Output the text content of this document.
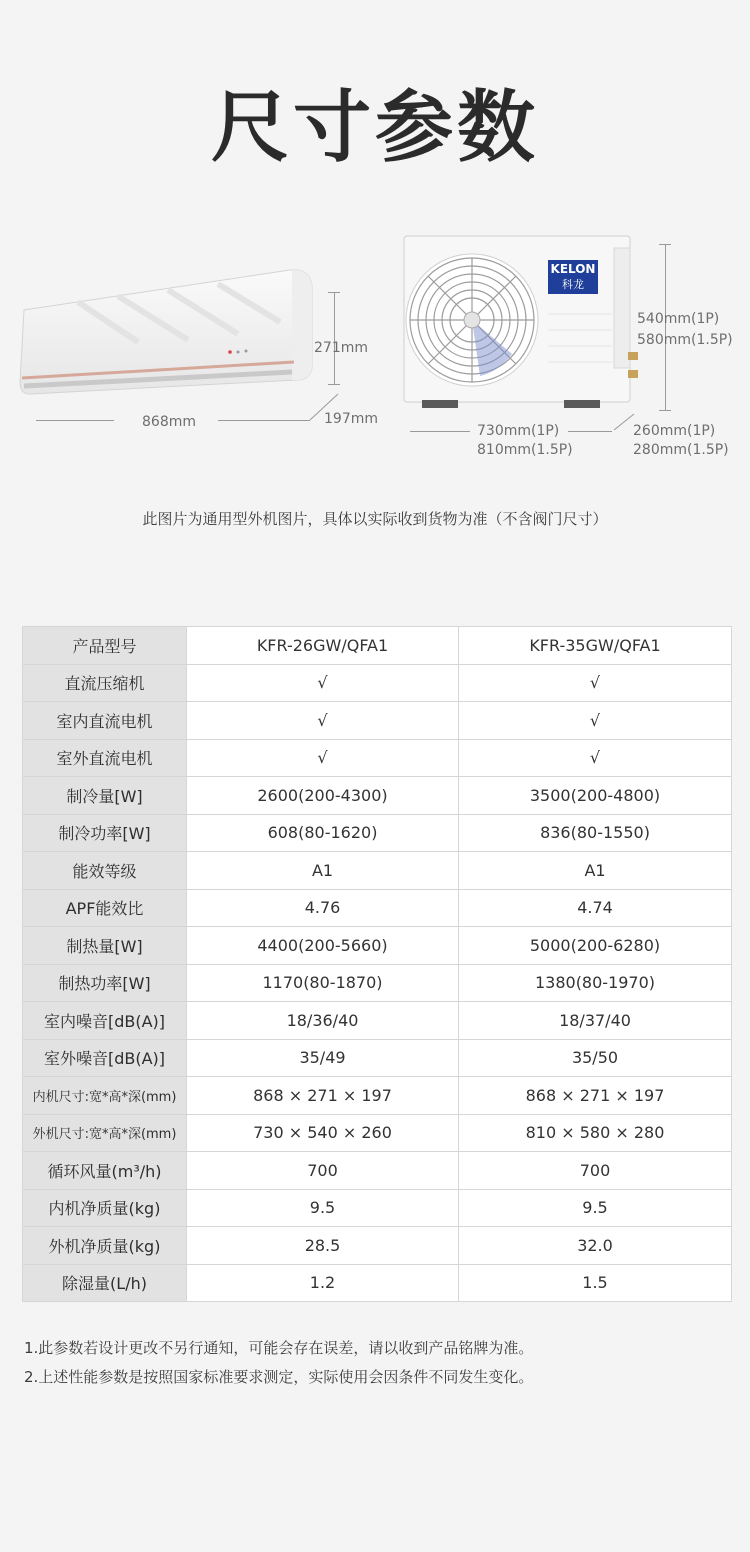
尺寸参数
271mm
868mm	197mm
KELON
科龙
540mm(1P)
580mm(1.5P)
730mm(1P)
810mm(1.5P)
260mm(1P)
280mm(1.5P)
此图片为通用型外机图片，具体以实际收到货物为准（不含阀门尺寸）
产品型号	KFR-26GW/QFA1	KFR-35GW/QFA1
直流压缩机	√	√
室内直流电机	√	√
室外直流电机	√	√
制冷量[W]	2600(200-4300)	3500(200-4800)
制冷功率[W]	608(80-1620)	836(80-1550)
能效等级	A1	A1
APF能效比	4.76	4.74
制热量[W]	4400(200-5660)	5000(200-6280)
制热功率[W]	1170(80-1870)	1380(80-1970)
室内噪音[dB(A)]	18/36/40	18/37/40
室外噪音[dB(A)]	35/49	35/50
内机尺寸:宽*高*深(mm)	868 × 271 × 197	868 × 271 × 197
外机尺寸:宽*高*深(mm)	730 × 540 × 260	810 × 580 × 280
循环风量(m³/h)	700	700
内机净质量(kg)	9.5	9.5
外机净质量(kg)	28.5	32.0
除湿量(L/h)	1.2	1.5
1.此参数若设计更改不另行通知，可能会存在误差，请以收到产品铭牌为准。
2.上述性能参数是按照国家标准要求测定，实际使用会因条件不同发生变化。
